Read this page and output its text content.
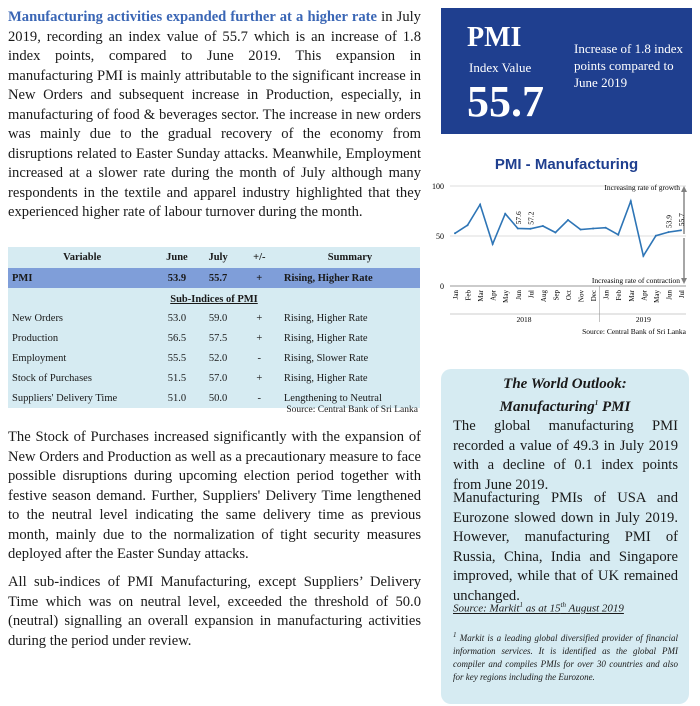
Manufacturing activities expanded further at a higher rate in July 2019, recording an index value of 55.7 which is an increase of 1.8 index points, compared to June 2019. This expansion in manufacturing PMI is mainly attributable to the significant increase in New Orders and subsequent increase in Production, especially, in manufacturing of food & beverages sector. The increase in new orders was mainly due to the gradual recovery of the economy from disruptions related to Easter Sunday attacks. Meanwhile, Employment increased at a slower rate during the month of July although many respondents in the textile and apparel industry highlighted that they experienced higher rate of labour turnover during the month.
PMI
Index Value
55.7
Increase of 1.8 index points compared to June 2019
PMI - Manufacturing
0
50
100	Increasing rate of growth
Increasing rate of contraction
57.6 57.2	53.9 55.7
Jan Feb Mar Apr May Jun Jul Aug Sep Oct Nov Dec Jan Feb Mar Apr May Jun Jul
2018	2019
Source: Central Bank of Sri Lanka
Variable	June	July	+/-	Summary
PMI	53.9	55.7	+	Rising, Higher Rate
Sub-Indices of PMI				
New Orders	53.0	59.0	+	Rising, Higher Rate
Production	56.5	57.5	+	Rising, Higher Rate
Employment	55.5	52.0	-	Rising, Slower Rate
Stock of Purchases	51.5	57.0	+	Rising, Higher Rate
Suppliers' Delivery Time	51.0	50.0	-	Lengthening to Neutral
Source: Central Bank of Sri Lanka
The Stock of Purchases increased significantly with the expansion of New Orders and Production as well as a precautionary measure to face possible disruptions during upcoming election period together with festive season demand. Further, Suppliers' Delivery Time lengthened to the neutral level indicating the same delivery time as previous month, mainly due to the normalization of tight security measures deployed after the Easter Sunday attacks.
All sub-indices of PMI Manufacturing, except Suppliers’ Delivery Time which was on neutral level, exceeded the threshold of 50.0 (neutral) signalling an overall expansion in manufacturing activities during the period under review.
The World Outlook:
Manufacturing$^1$ PMI
The global manufacturing PMI recorded a value of 49.3 in July 2019 with a decline of 0.1 index points from June 2019.
Manufacturing PMIs of USA and Eurozone slowed down in July 2019. However, manufacturing PMI of Russia, China, India and Singapore improved, while that of UK remained unchanged.
Source: Markit$^1$ as at 15th August 2019
$^1$ Markit is a leading global diversified provider of financial information services. It is identified as the global PMI compiler and compiles PMIs for over 30 countries and also for key regions including the Eurozone.
